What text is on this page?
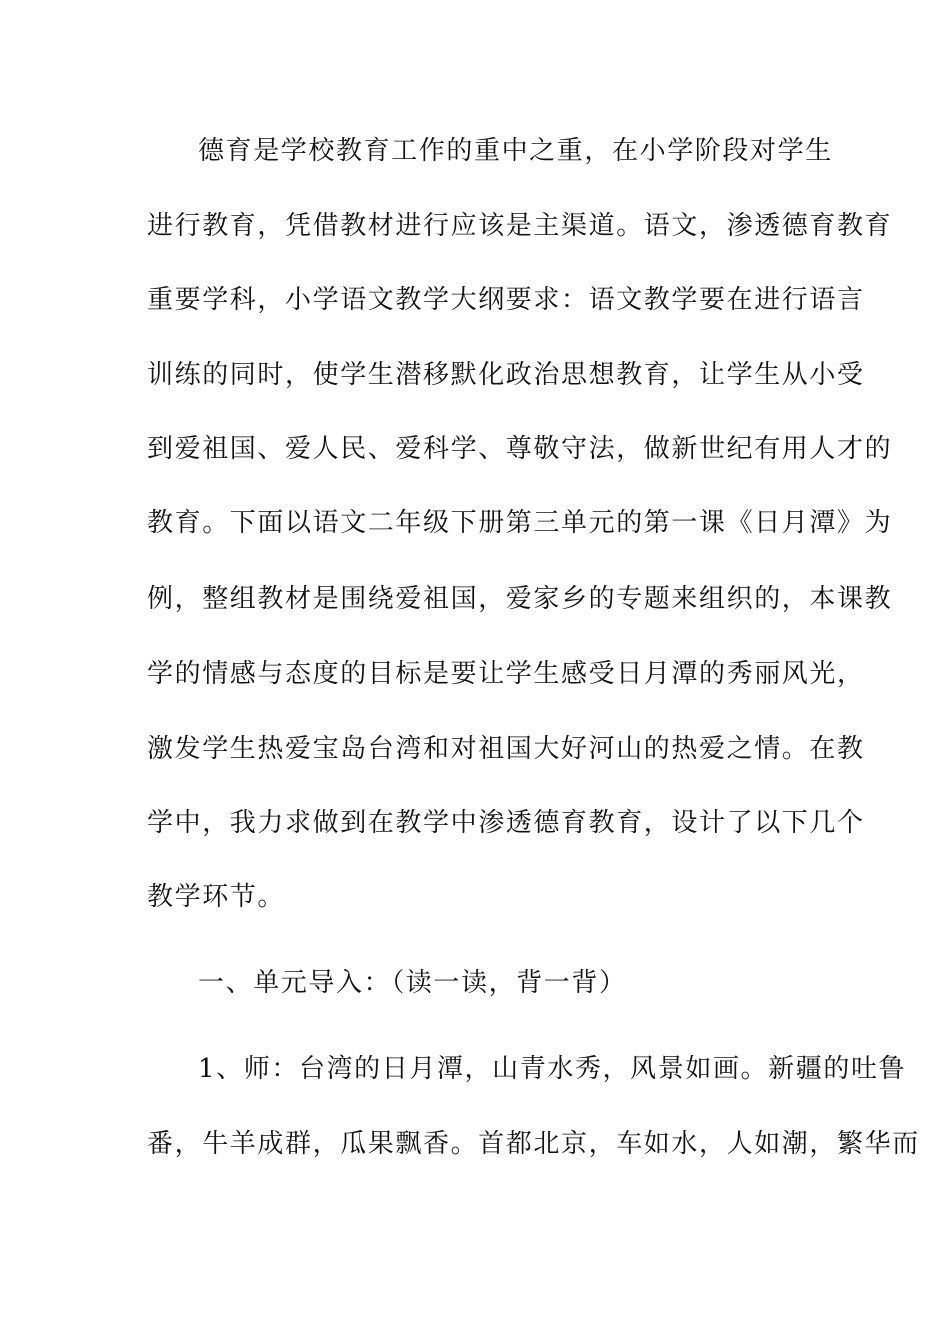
德育是学校教育工作的重中之重，在小学阶段对学生
进行教育，凭借教材进行应该是主渠道。语文，渗透德育教育
重要学科，小学语文教学大纲要求：语文教学要在进行语言
训练的同时，使学生潜移默化政治思想教育，让学生从小受
到爱祖国、爱人民、爱科学、尊敬守法，做新世纪有用人才的
教育。下面以语文二年级下册第三单元的第一课《日月潭》为
例，整组教材是围绕爱祖国，爱家乡的专题来组织的，本课教
学的情感与态度的目标是要让学生感受日月潭的秀丽风光，
激发学生热爱宝岛台湾和对祖国大好河山的热爱之情。在教
学中，我力求做到在教学中渗透德育教育，设计了以下几个
教学环节。
一、单元导入：（读一读，背一背）
1、师：台湾的日月潭，山青水秀，风景如画。新疆的吐鲁
番，牛羊成群，瓜果飘香。首都北京，车如水，人如潮，繁华而
